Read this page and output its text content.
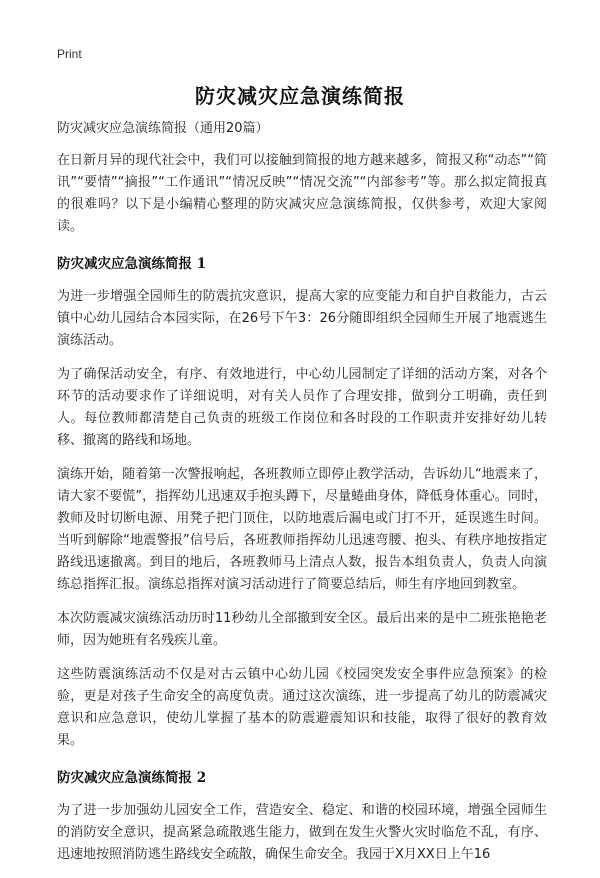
Print
防灾减灾应急演练简报
防灾减灾应急演练简报（通用20篇）

在日新月异的现代社会中，我们可以接触到简报的地方越来越多，简报又称“动态”“简讯”“要情”“摘报”“工作通讯”“情况反映”“情况交流”“内部参考”等。那么拟定简报真的很难吗？以下是小编精心整理的防灾减灾应急演练简报，仅供参考，欢迎大家阅读。

防灾减灾应急演练简报 1

为进一步增强全园师生的防震抗灾意识，提高大家的应变能力和自护自救能力，古云镇中心幼儿园结合本园实际，在26号下午3：26分随即组织全园师生开展了地震逃生演练活动。

为了确保活动安全，有序、有效地进行，中心幼儿园制定了详细的活动方案，对各个环节的活动要求作了详细说明，对有关人员作了合理安排，做到分工明确，责任到人。每位教师都清楚自己负责的班级工作岗位和各时段的工作职责并安排好幼儿转移、撤离的路线和场地。

演练开始，随着第一次警报响起，各班教师立即停止教学活动，告诉幼儿“地震来了，请大家不要慌”，指挥幼儿迅速双手抱头蹲下，尽量蜷曲身体，降低身体重心。同时，教师及时切断电源、用凳子把门顶住，以防地震后漏电或门打不开，延误逃生时间。当听到解除“地震警报”信号后，各班教师指挥幼儿迅速弯腰、抱头、有秩序地按指定路线迅速撤离。到目的地后，各班教师马上清点人数，报告本组负责人，负责人向演练总指挥汇报。演练总指挥对演习活动进行了简要总结后，师生有序地回到教室。

本次防震减灾演练活动历时11秒幼儿全部撤到安全区。最后出来的是中二班张艳艳老师，因为她班有名残疾儿童。

这些防震演练活动不仅是对古云镇中心幼儿园《校园突发安全事件应急预案》的检验，更是对孩子生命安全的高度负责。通过这次演练，进一步提高了幼儿的防震减灾意识和应急意识，使幼儿掌握了基本的防震避震知识和技能，取得了很好的教育效果。

防灾减灾应急演练简报 2

为了进一步加强幼儿园安全工作，营造安全、稳定、和谐的校园环境，增强全园师生的消防安全意识，提高紧急疏散逃生能力，做到在发生火警火灾时临危不乱，有序、迅速地按照消防逃生路线安全疏散，确保生命安全。我园于X月XX日上午16
